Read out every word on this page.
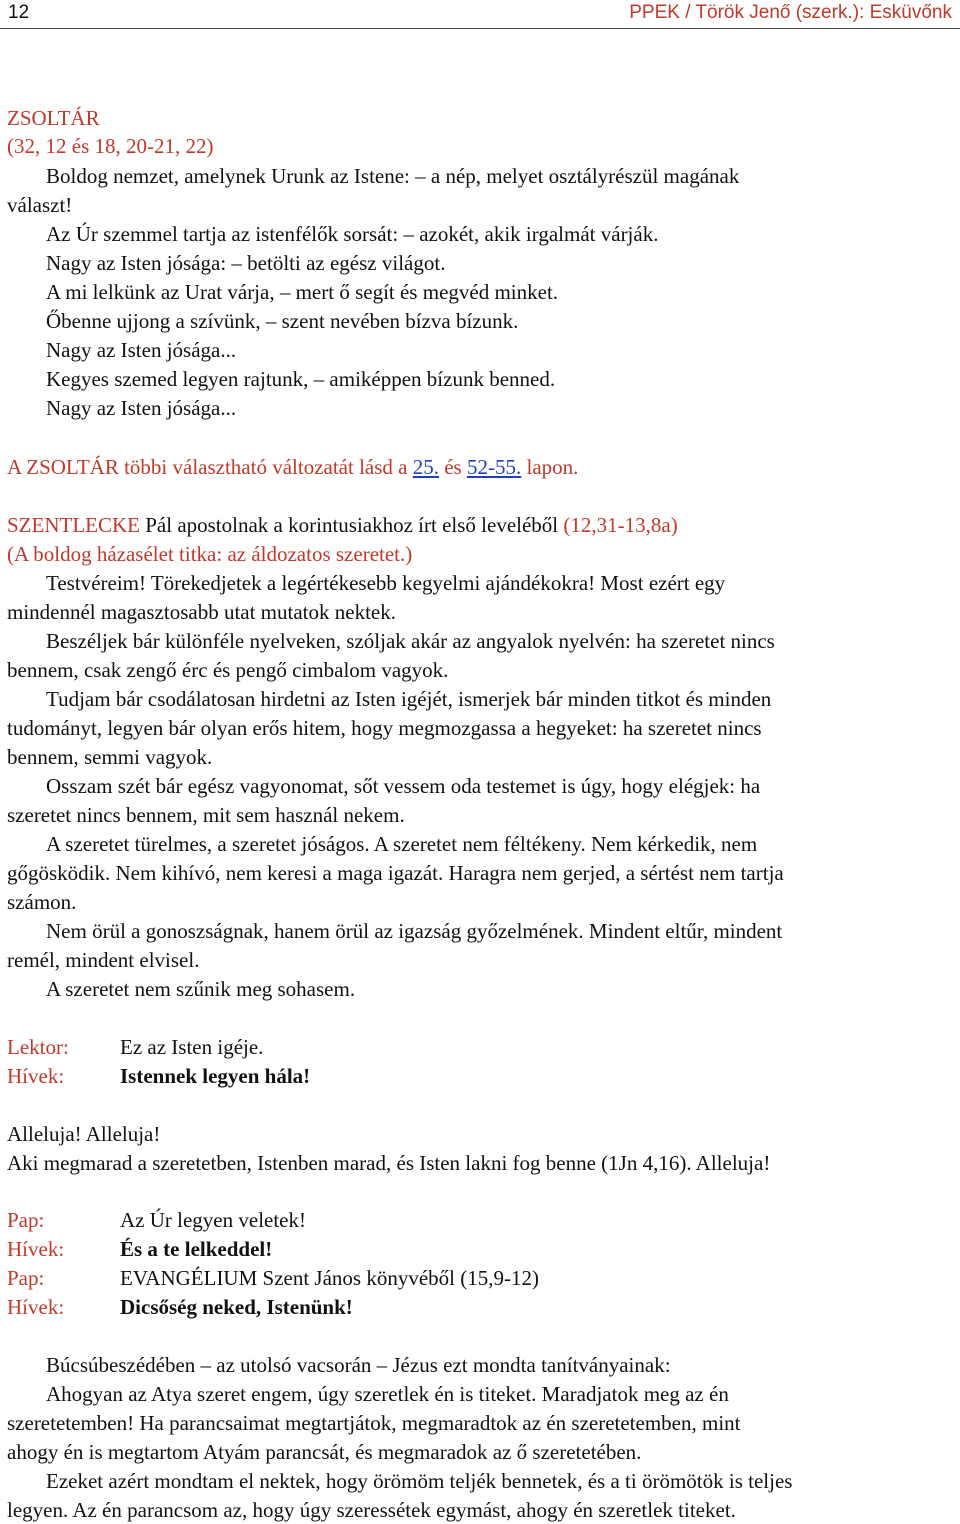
12	PPEK / Török Jenő (szerk.): Esküvőnk
ZSOLTÁR
(32, 12 és 18, 20-21, 22)
Boldog nemzet, amelynek Urunk az Istene: – a nép, melyet osztályrészül magának
választ!
Az Úr szemmel tartja az istenfélők sorsát: – azokét, akik irgalmát várják.
Nagy az Isten jósága: – betölti az egész világot.
A mi lelkünk az Urat várja, – mert ő segít és megvéd minket.
Őbenne ujjong a szívünk, – szent nevében bízva bízunk.
Nagy az Isten jósága...
Kegyes szemed legyen rajtunk, – amiképpen bízunk benned.
Nagy az Isten jósága...
A ZSOLTÁR többi választható változatát lásd a 25. és 52-55. lapon.
SZENTLECKE Pál apostolnak a korintusiakhoz írt első leveléből (12,31-13,8a)
(A boldog házasélet titka: az áldozatos szeretet.)
Testvéreim! Törekedjetek a legértékesebb kegyelmi ajándékokra! Most ezért egy
mindennél magasztosabb utat mutatok nektek.
Beszéljek bár különféle nyelveken, szóljak akár az angyalok nyelvén: ha szeretet nincs
bennem, csak zengő érc és pengő cimbalom vagyok.
Tudjam bár csodálatosan hirdetni az Isten igéjét, ismerjek bár minden titkot és minden
tudományt, legyen bár olyan erős hitem, hogy megmozgassa a hegyeket: ha szeretet nincs
bennem, semmi vagyok.
Osszam szét bár egész vagyonomat, sőt vessem oda testemet is úgy, hogy elégjek: ha
szeretet nincs bennem, mit sem használ nekem.
A szeretet türelmes, a szeretet jóságos. A szeretet nem féltékeny. Nem kérkedik, nem
gőgösködik. Nem kihívó, nem keresi a maga igazát. Haragra nem gerjed, a sértést nem tartja
számon.
Nem örül a gonoszságnak, hanem örül az igazság győzelmének. Mindent eltűr, mindent
remél, mindent elvisel.
A szeretet nem szűnik meg sohasem.
Lektor: Ez az Isten igéje.
Hívek:	Istennek legyen hála!
Alleluja! Alleluja!
Aki megmarad a szeretetben, Istenben marad, és Isten lakni fog benne (1Jn 4,16). Alleluja!
Pap:	Az Úr legyen veletek!
Hívek:	És a te lelkeddel!
Pap:	EVANGÉLIUM Szent János könyvéből (15,9-12)
Hívek:	Dicsőség neked, Istenünk!
Búcsúbeszédében – az utolsó vacsorán – Jézus ezt mondta tanítványainak:
Ahogyan az Atya szeret engem, úgy szeretlek én is titeket. Maradjatok meg az én
szeretetemben! Ha parancsaimat megtartjátok, megmaradtok az én szeretetemben, mint
ahogy én is megtartom Atyám parancsát, és megmaradok az ő szeretetében.
Ezeket azért mondtam el nektek, hogy örömöm teljék bennetek, és a ti örömötök is teljes
legyen. Az én parancsom az, hogy úgy szeressétek egymást, ahogy én szeretlek titeket.
